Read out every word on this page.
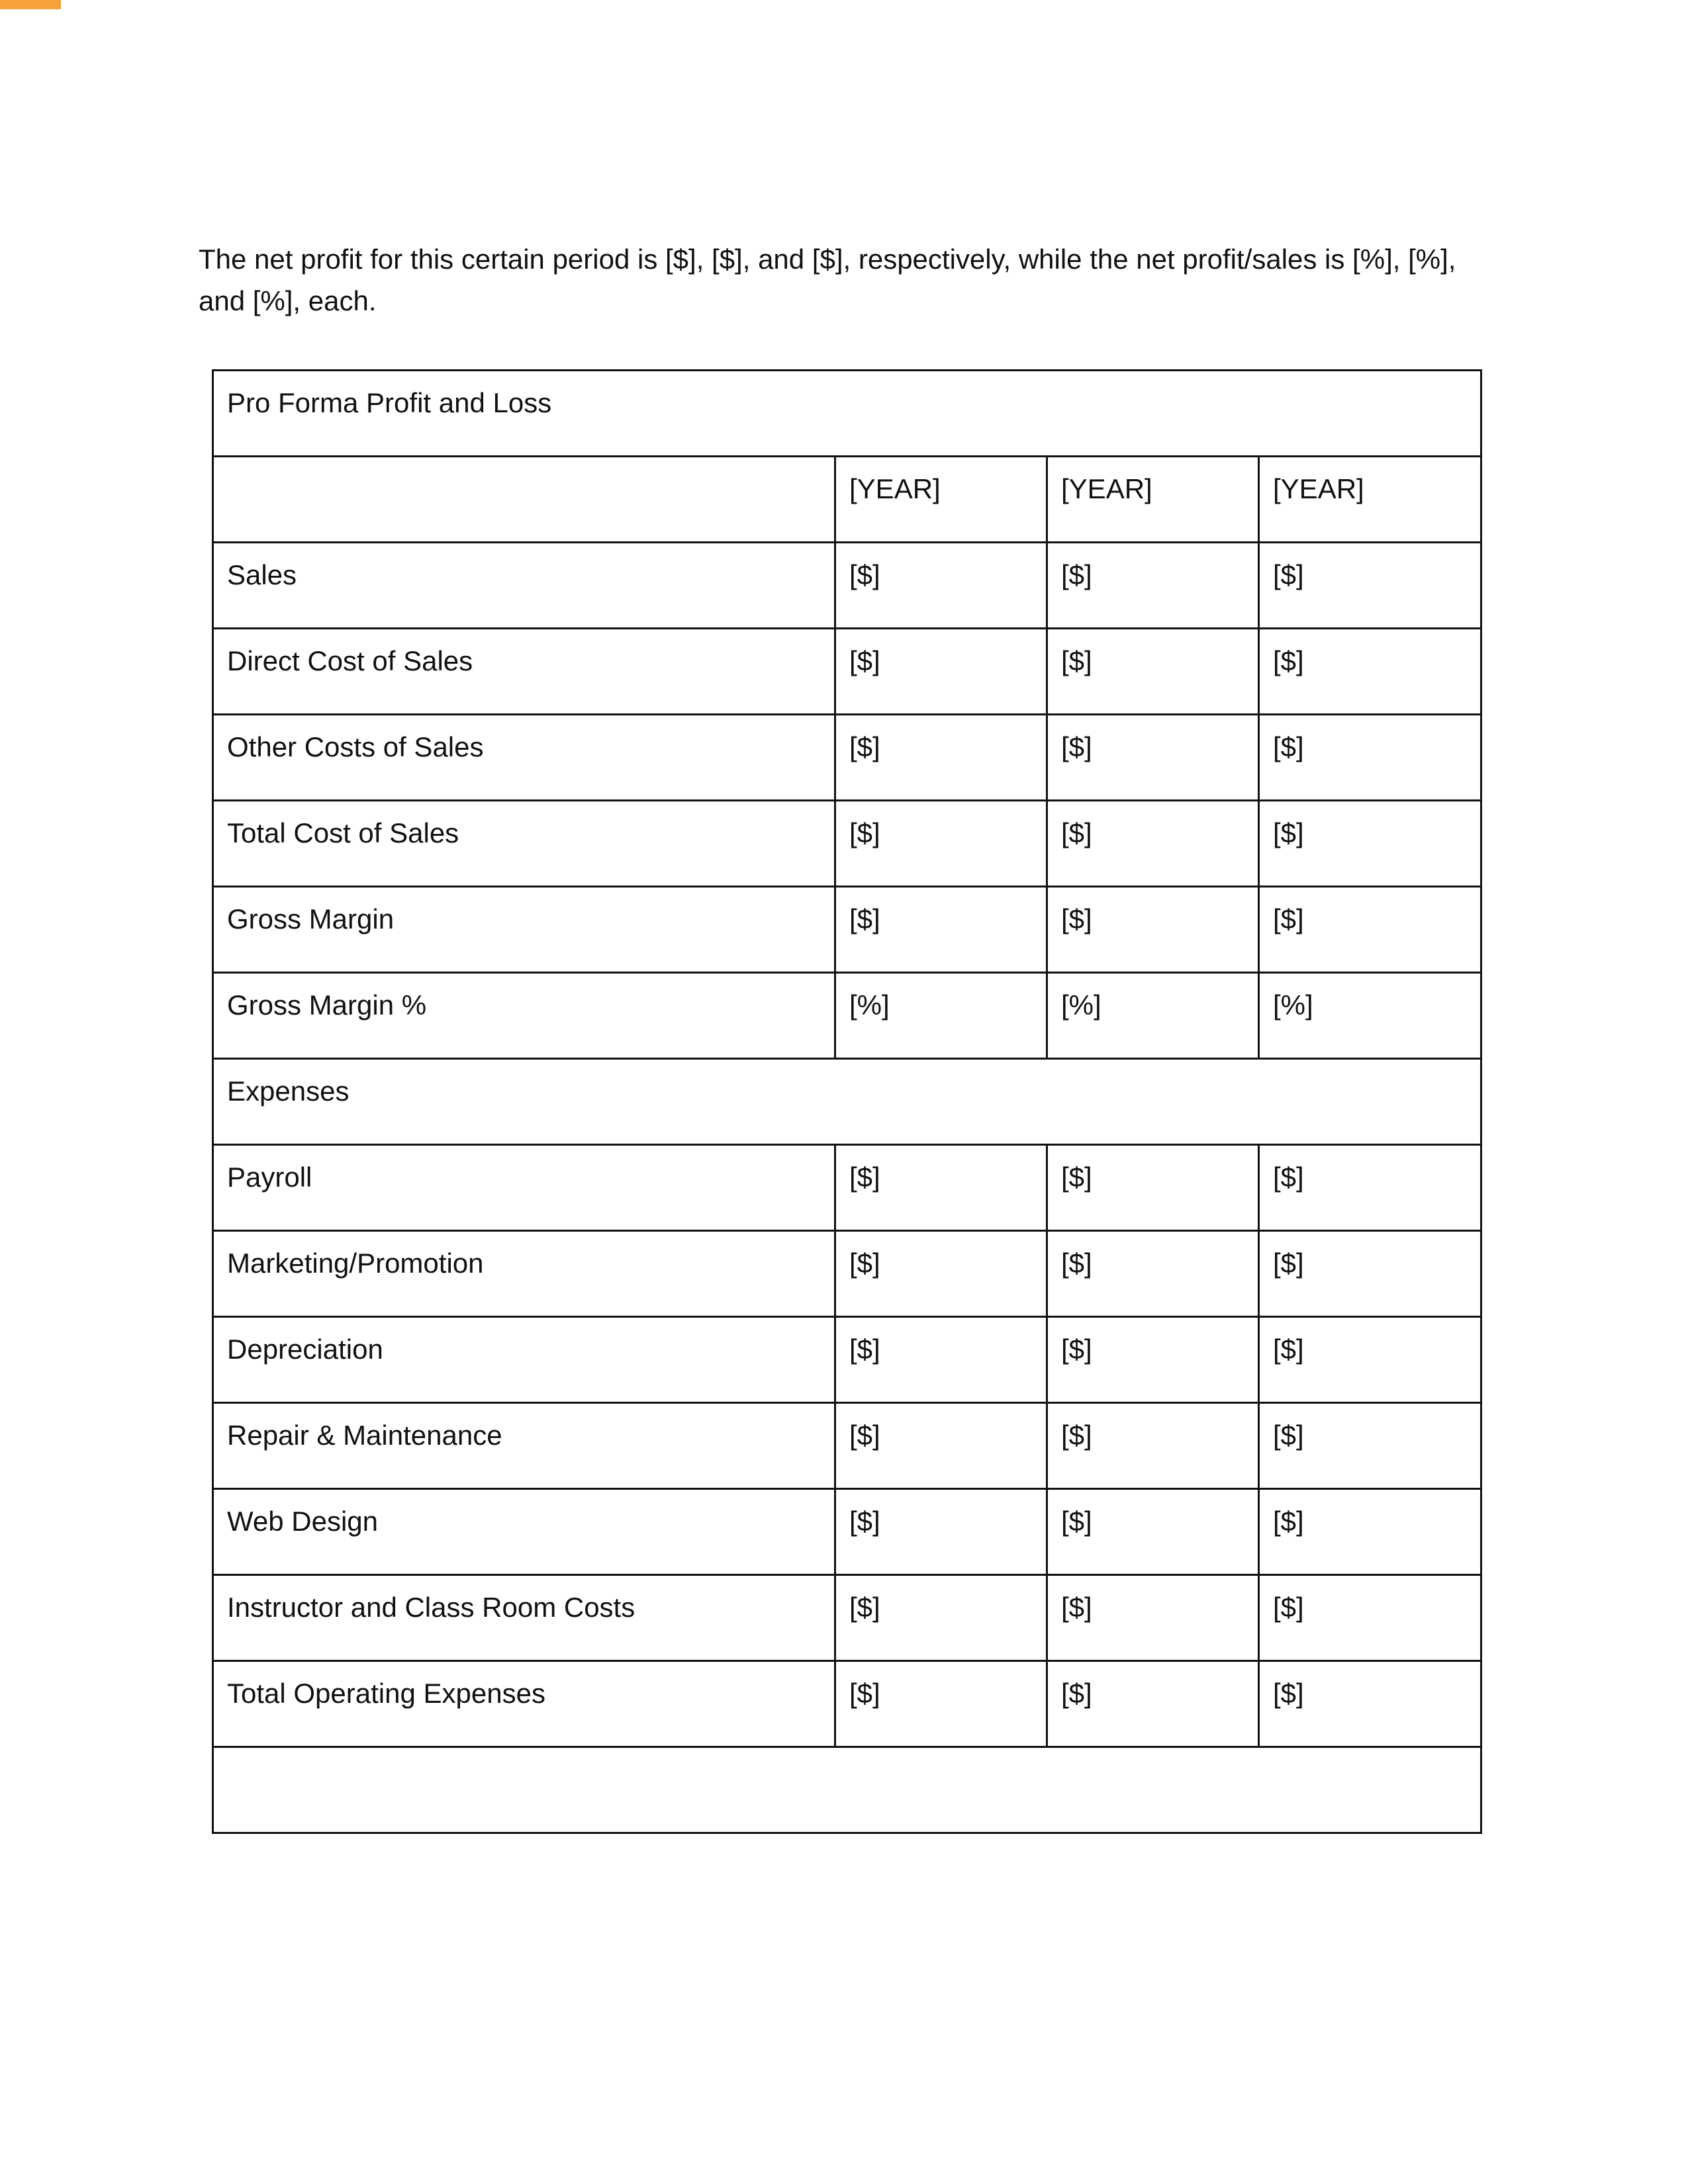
The net profit for this certain period is [$], [$], and [$], respectively, while the net profit/sales is [%], [%], and [%], each.

Pro Forma Profit and Loss			
	[YEAR]	[YEAR]	[YEAR]
Sales	[$]	[$]	[$]
Direct Cost of Sales	[$]	[$]	[$]
Other Costs of Sales	[$]	[$]	[$]
Total Cost of Sales	[$]	[$]	[$]
Gross Margin	[$]	[$]	[$]
Gross Margin %	[%]	[%]	[%]
Expenses			
Payroll	[$]	[$]	[$]
Marketing/Promotion	[$]	[$]	[$]
Depreciation	[$]	[$]	[$]
Repair & Maintenance	[$]	[$]	[$]
Web Design	[$]	[$]	[$]
Instructor and Class Room Costs	[$]	[$]	[$]
Total Operating Expenses	[$]	[$]	[$]
